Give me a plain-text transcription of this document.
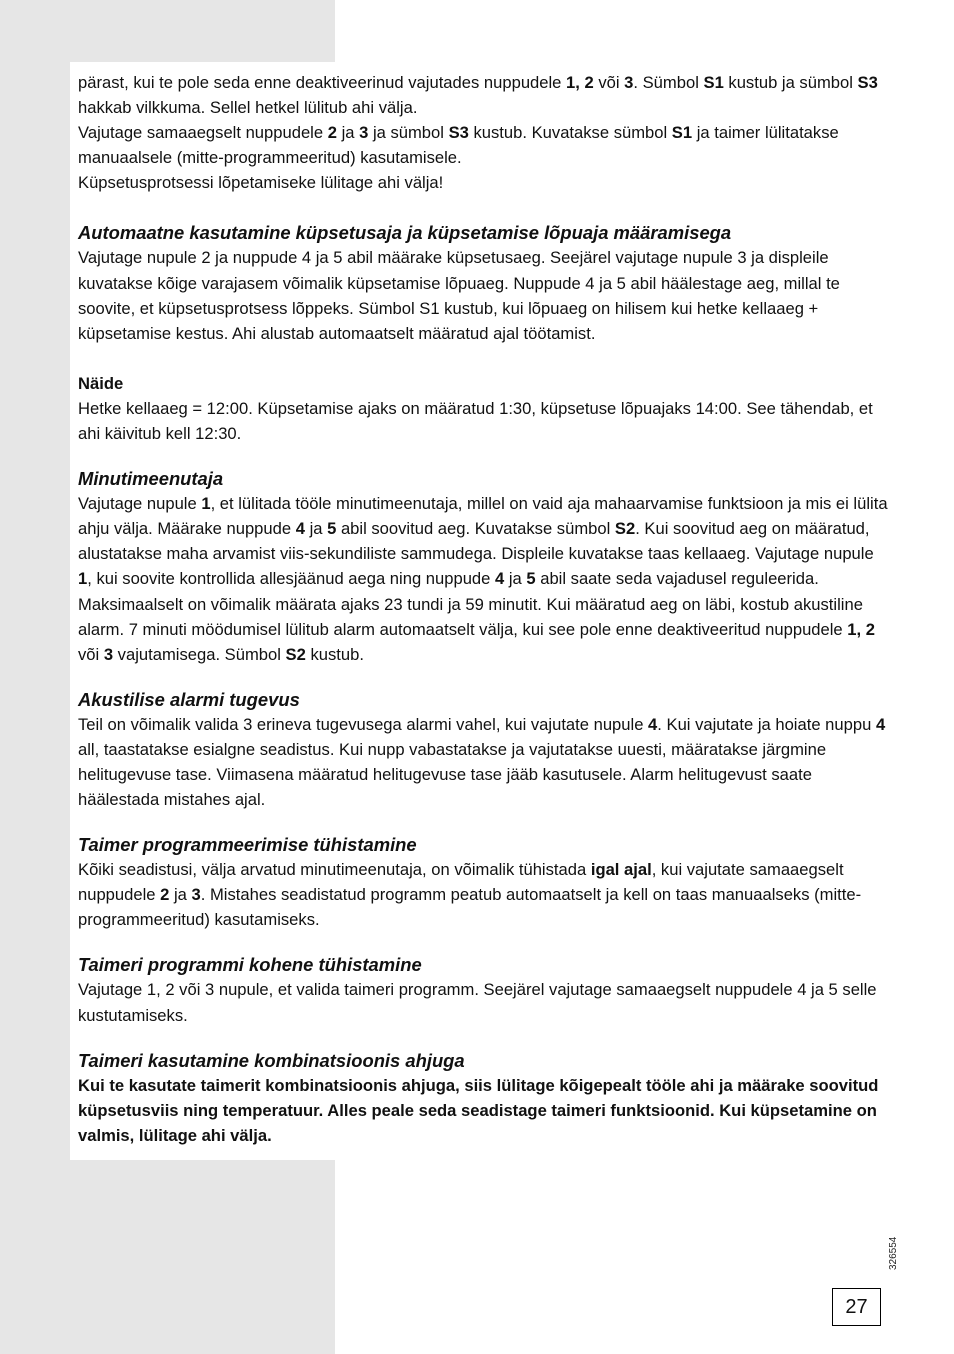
pärast, kui te pole seda enne deaktiveerinud vajutades nuppudele 1, 2 või 3. Sümbol S1 kustub ja sümbol S3 hakkab vilkkuma. Sellel hetkel lülitub ahi välja.

Vajutage samaaegselt nuppudele 2 ja 3 ja sümbol S3 kustub. Kuvatakse sümbol S1 ja taimer lülitatakse manuaalsele (mitte-programmeeritud) kasutamisele.

Küpsetusprotsessi lõpetamiseke lülitage ahi välja!

Automaatne kasutamine küpsetusaja ja küpsetamise lõpuaja määramisega

Vajutage nupule 2 ja nuppude 4 ja 5 abil määrake küpsetusaeg. Seejärel vajutage nupule 3 ja displeile kuvatakse kõige varajasem võimalik küpsetamise lõpuaeg. Nuppude 4 ja 5 abil häälestage aeg, millal te soovite, et küpsetusprotsess lõppeks. Sümbol S1 kustub, kui lõpuaeg on hilisem kui hetke kellaaeg + küpsetamise kestus. Ahi alustab automaatselt määratud ajal töötamist.

Näide

Hetke kellaaeg = 12:00. Küpsetamise ajaks on määratud 1:30, küpsetuse lõpuajaks 14:00. See tähendab, et ahi käivitub kell 12:30.

Minutimeenutaja

Vajutage nupule 1, et lülitada tööle minutimeenutaja, millel on vaid aja mahaarvamise funktsioon ja mis ei lülita ahju välja. Määrake nuppude 4 ja 5 abil soovitud aeg. Kuvatakse sümbol S2. Kui soovitud aeg on määratud, alustatakse maha arvamist viis-sekundiliste sammudega. Displeile kuvatakse taas kellaaeg. Vajutage nupule 1, kui soovite kontrollida allesjäänud aega ning nuppude 4 ja 5 abil saate seda vajadusel reguleerida. Maksimaalselt on võimalik määrata ajaks 23 tundi ja 59 minutit. Kui määratud aeg on läbi, kostub akustiline alarm. 7 minuti möödumisel lülitub alarm automaatselt välja, kui see pole enne deaktiveeritud nuppudele 1, 2 või 3 vajutamisega. Sümbol S2 kustub.

Akustilise alarmi tugevus

Teil on võimalik valida 3 erineva tugevusega alarmi vahel, kui vajutate nupule 4. Kui vajutate ja hoiate nuppu 4 all, taastatakse esialgne seadistus. Kui nupp vabastatakse ja vajutatakse uuesti, määratakse järgmine helitugevuse tase. Viimasena määratud helitugevuse tase jääb kasutusele. Alarm helitugevust saate häälestada mistahes ajal.

Taimer programmeerimise tühistamine

Kõiki seadistusi, välja arvatud minutimeenutaja, on võimalik tühistada igal ajal, kui vajutate samaaegselt nuppudele 2 ja 3. Mistahes seadistatud programm peatub automaatselt ja kell on taas manuaalseks (mitte-programmeeritud) kasutamiseks.

Taimeri programmi kohene tühistamine

Vajutage 1, 2 või 3 nupule, et valida taimeri programm. Seejärel vajutage samaaegselt nuppudele 4 ja 5 selle kustutamiseks.

Taimeri kasutamine kombinatsioonis ahjuga

Kui te kasutate taimerit kombinatsioonis ahjuga, siis lülitage kõigepealt tööle ahi ja määrake soovitud küpsetusviis ning temperatuur. Alles peale seda seadistage taimeri funktsioonid. Kui küpsetamine on valmis, lülitage ahi välja.

326554
27
